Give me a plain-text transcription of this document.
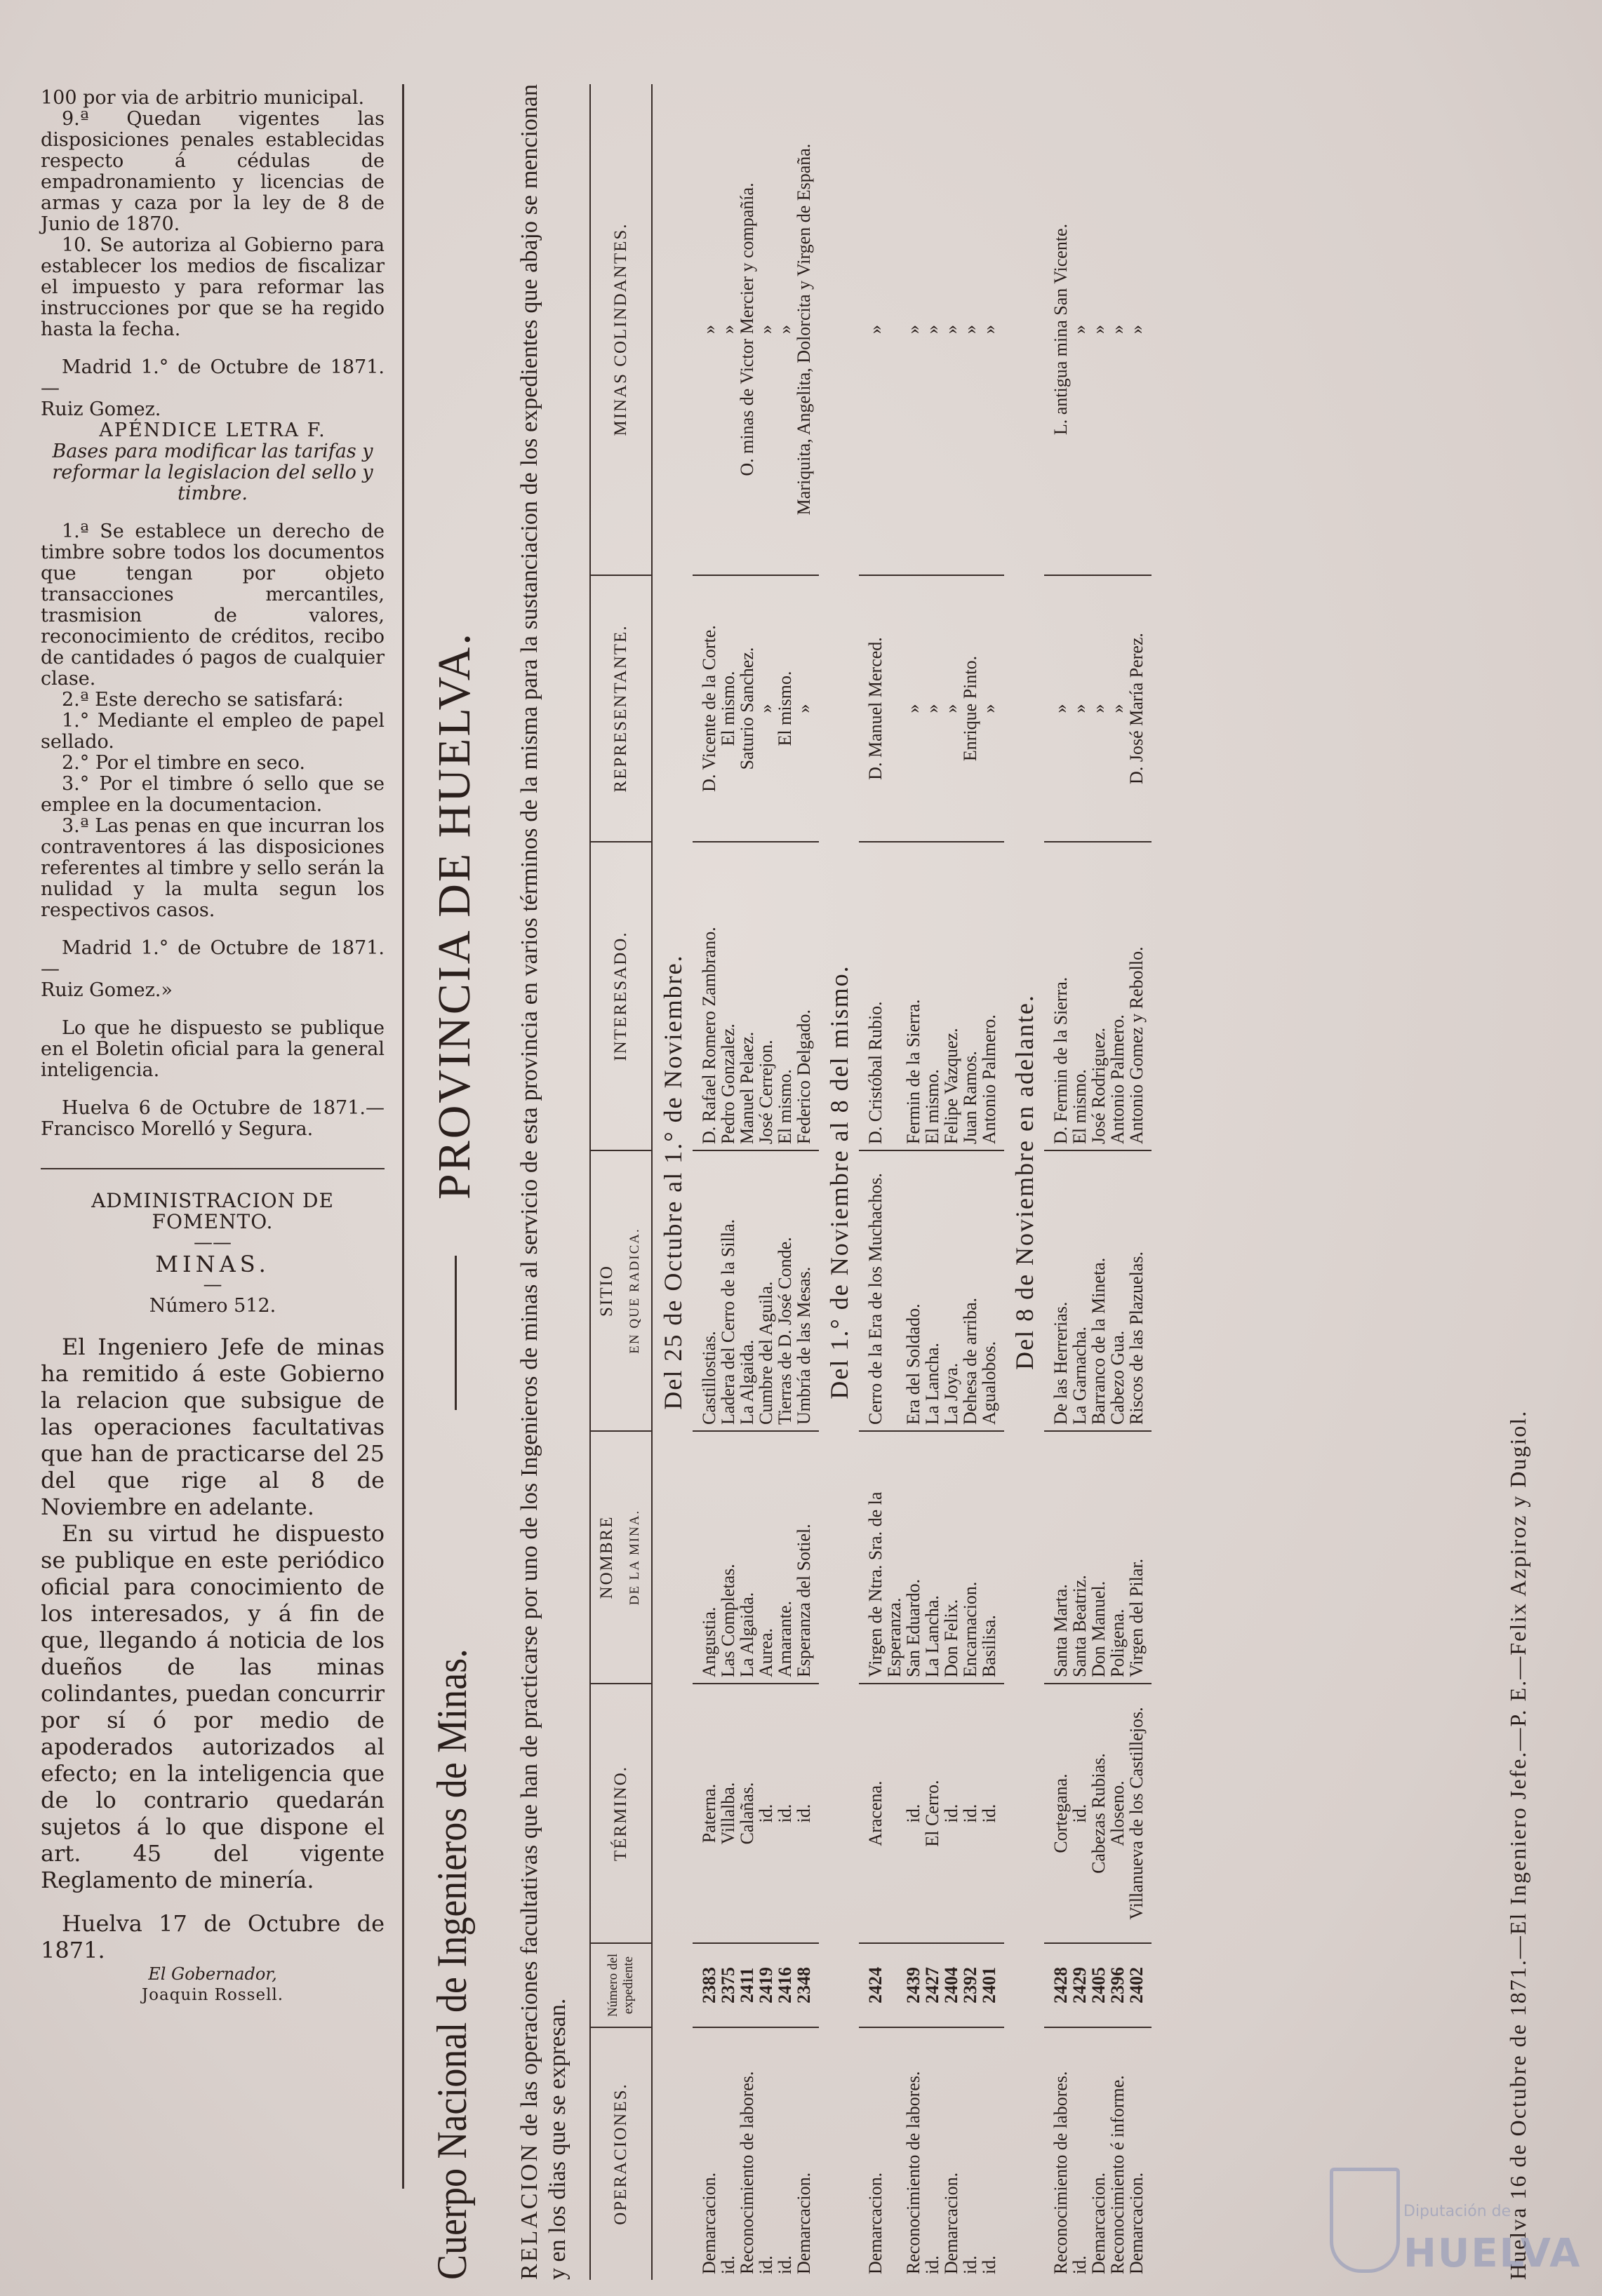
100 por via de arbitrio municipal.

9.ª Quedan vigentes las disposiciones penales establecidas respecto á cédulas de empadronamiento y licencias de armas y caza por la ley de 8 de Junio de 1870.

10. Se autoriza al Gobierno para establecer los medios de fiscalizar el impuesto y para reformar las instrucciones por que se ha regido hasta la fecha.

Madrid 1.° de Octubre de 1871.—

Ruiz Gomez.

APÉNDICE LETRA F.

Bases para modificar las tarifas y reformar la legislacion del sello y timbre.

1.ª Se establece un derecho de timbre sobre todos los documentos que tengan por objeto transacciones mercantiles, trasmision de valores, reconocimiento de créditos, recibo de cantidades ó pagos de cualquier clase.

2.ª Este derecho se satisfará:

1.° Mediante el empleo de papel sellado.

2.° Por el timbre en seco.

3.° Por el timbre ó sello que se emplee en la documentacion.

3.ª Las penas en que incurran los contraventores á las disposiciones referentes al timbre y sello serán la nulidad y la multa segun los respectivos casos.

Madrid 1.° de Octubre de 1871.—

Ruiz Gomez.»

Lo que he dispuesto se publique en el Boletin oficial para la general inteligencia.

Huelva 6 de Octubre de 1871.— Francisco Morelló y Segura.

ADMINISTRACION DE FOMENTO.

——

MINAS.

—

Número 512.

El Ingeniero Jefe de minas ha remitido á este Gobierno la relacion que subsigue de las operaciones facultativas que han de practicarse del 25 del que rige al 8 de Noviembre en adelante.

En su virtud he dispuesto se publique en este periódico oficial para conocimiento de los interesados, y á fin de que, llegando á noticia de los dueños de las minas colindantes, puedan concurrir por sí ó por medio de apoderados autorizados al efecto; en la inteligencia que de lo contrario quedarán sujetos á lo que dispone el art. 45 del vigente Reglamento de minería.

Huelva 17 de Octubre de 1871.

El Gobernador,

Joaquin Rossell.	Cuerpo Nacional de Ingenieros de Minas.
PROVINCIA DE HUELVA.
RELACION de las operaciones facultativas que han de practicarse por uno de los Ingenieros de minas al servicio de esta provincia en varios términos de la misma para la sustanciacion de los expedientes que abajo se mencionan y en los dias que se expresan. OPERACIONES.	Número del expediente	TÉRMINO.	NOMBRE DE LA MINA.	SITIO EN QUE RADICA.	INTERESADO.	REPRESENTANTE.	MINAS COLINDANTES.
Del 25 de Octubre al 1.° de Noviembre.							
Demarcacion.	2383	Paterna.	Angustia.	Castillostias.	D. Rafael Romero Zambrano.	D. Vicente de la Corte.	»
id.	2375	Villalba.	Las Completas.	Ladera del Cerro de la Silla.	Pedro Gonzalez.	El mismo.	»
Reconocimiento de labores.	2411	Calañas.	La Algaida.	La Algaida.	Manuel Pelaez.	Saturio Sanchez.	O. minas de Victor Mercier y compañía.
id.	2419	id.	Aurea.	Cumbre del Aguila.	José Cerrejon.	»	»
id.	2416	id.	Amarante.	Tierras de D. José Conde.	El mismo.	El mismo.	»
Demarcacion.	2348	id.	Esperanza del Sotiel.	Umbría de las Mesas.	Federico Delgado.	»	Mariquita, Angelita, Dolorcita y Virgen de España.
Del 1.° de Noviembre al 8 del mismo.							
Demarcacion.	2424	Aracena.	Virgen de Ntra. Sra. de la Esperanza.	Cerro de la Era de los Muchachos.	D. Cristóbal Rubio.	D. Manuel Merced.	»
Reconocimiento de labores.	2439	id.	San Eduardo.	Era del Soldado.	Fermin de la Sierra.	»	»
id.	2427	El Cerro.	La Lancha.	La Lancha.	El mismo.	»	»
Demarcacion.	2404	id.	Don Felix.	La Joya.	Felipe Vazquez.	»	»
id.	2392	id.	Encarnacion.	Dehesa de arriba.	Juan Ramos.	Enrique Pinto.	»
id.	2401	id.	Basilisa.	Agualobos.	Antonio Palmero.	»	»
Del 8 de Noviembre en adelante.							
Reconocimiento de labores.	2428	Cortegana.	Santa Marta.	De las Herrerias.	D. Fermin de la Sierra.	»	L. antigua mina San Vicente.
id.	2429	id.	Santa Beatriz.	La Garnacha.	El mismo.	»	»
Demarcacion.	2405	Cabezas Rubias.	Don Manuel.	Barranco de la Mineta.	José Rodriguez.	»	»
Reconocimiento é informe.	2396	Aloseno.	Poligena.	Cabezo Gua.	Antonio Palmero.	»	»
Demarcacion.	2402	Villanueva de los Castillejos.	Virgen del Pilar.	Riscos de las Plazuelas.	Antonio Gomez y Rebollo.	D. José María Perez.	»
Huelva 16 de Octubre de 1871.—El Ingeniero Jefe.—P. E.—Felix Azpiroz y Dugiol.
Diputación de
HUELVA
